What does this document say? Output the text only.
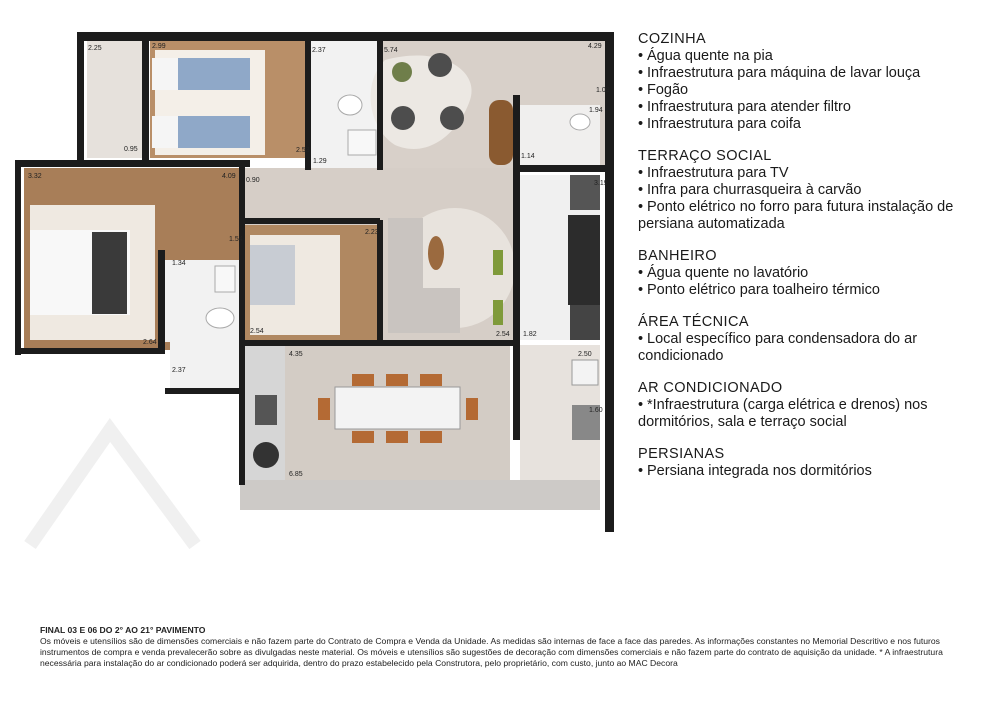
2.25	2.99
2.37	5.74
4.29
1.09
0.95	2.53
1.29
1.94
1.14
3.32	4.09
0.90	3.19
1.34
1.54
2.23
2.54
2.64
4.35
2.54 1.82
2.37
2.50
1.60
6.85
COZINHA
• Água quente na pia
• Infraestrutura para máquina de lavar louça
• Fogão
• Infraestrutura para atender filtro
• Infraestrutura para coifa
TERRAÇO SOCIAL
• Infraestrutura para TV
• Infra para churrasqueira à carvão
• Ponto elétrico no forro para futura instalação de persiana automatizada
BANHEIRO
• Água quente no lavatório
• Ponto elétrico para toalheiro térmico
ÁREA TÉCNICA
• Local específico para condensadora do ar condicionado
AR CONDICIONADO
• *Infraestrutura (carga elétrica e drenos) nos dormitórios, sala e terraço social
PERSIANAS
• Persiana integrada nos dormitórios
FINAL 03 E 06 DO 2° AO 21° PAVIMENTO
Os móveis e utensílios são de dimensões comerciais e não fazem parte do Contrato de Compra e Venda da Unidade. As medidas são internas de face a face das paredes. As informações constantes no Memorial Descritivo e nos futuros instrumentos de compra e venda prevalecerão sobre as divulgadas neste material. Os móveis e utensílios são sugestões de decoração com dimensões comerciais e não fazem parte do contrato de aquisição da unidade. * A infraestrutura necessária para instalação do ar condicionado poderá ser adquirida, dentro do prazo estabelecido pela Construtora, pelo proprietário, com custo, junto ao MAC Decora
